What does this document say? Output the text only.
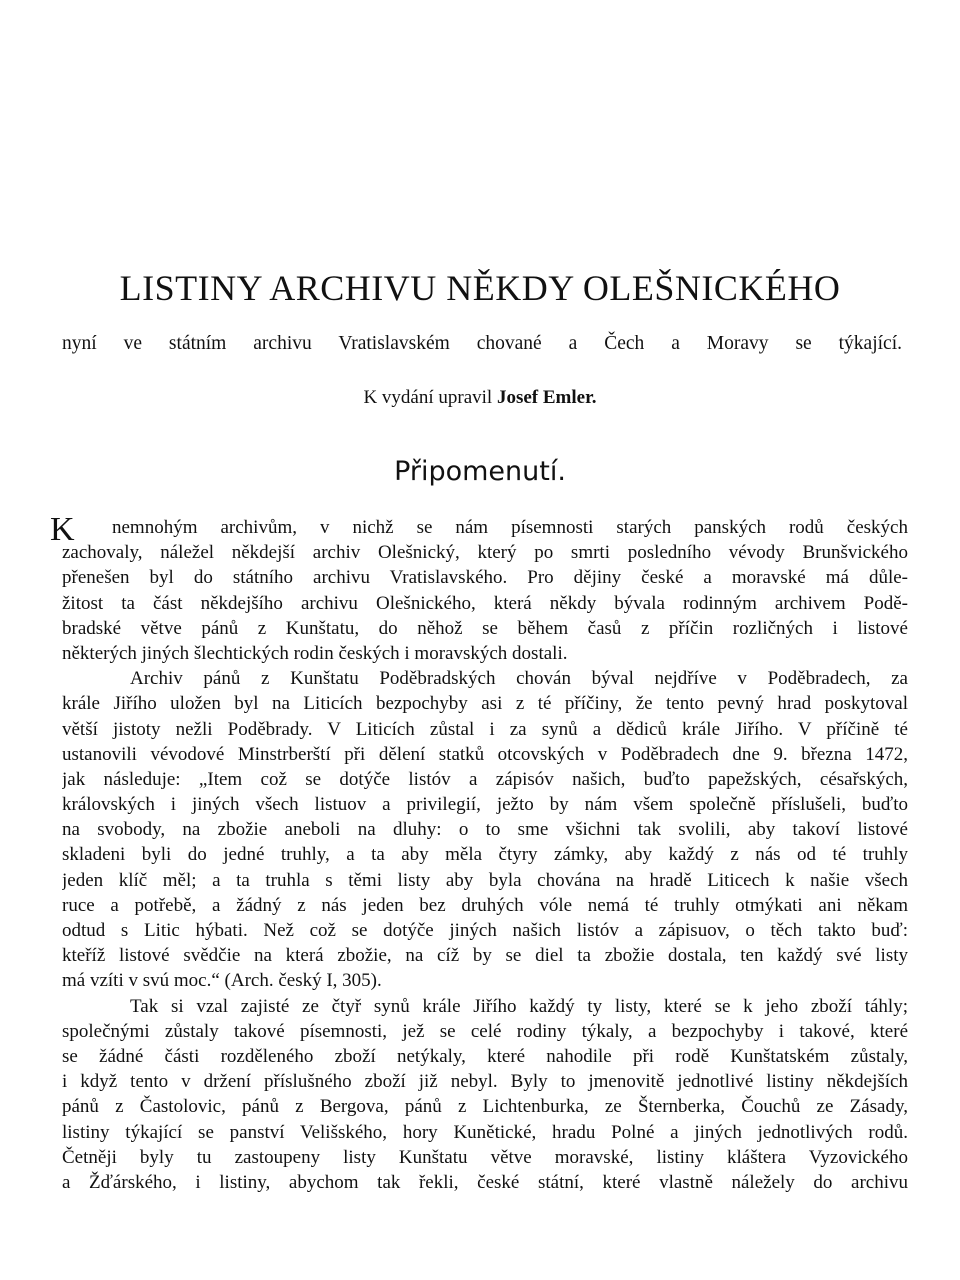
LISTINY ARCHIVU NĚKDY OLEŠNICKÉHO
nyní ve státním archivu Vratislavském chované a Čech a Moravy se týkající.
K vydání upravil Josef Emler.
Připomenutí.
K	nemnohým archivům, v nichž se nám písemnosti starých panských rodů českých
zachovaly, náležel někdejší archiv Olešnický, který po smrti posledního vévody Brunšvického
přenešen byl do státního archivu Vratislavského. Pro dějiny české a moravské má důle-
žitost ta část někdejšího archivu Olešnického, která někdy bývala rodinným archivem Podě-
bradské větve pánů z Kunštatu, do něhož se během časů z příčin rozličných i listové
některých jiných šlechtických rodin českých i moravských dostali.
Archiv pánů z Kunštatu Poděbradských chován býval nejdříve v Poděbradech, za
krále Jiřího uložen byl na Liticích bezpochyby asi z té příčiny, že tento pevný hrad poskytoval
větší jistoty nežli Poděbrady. V Liticích zůstal i za synů a dědiců krále Jiřího. V příčině té
ustanovili vévodové Minstrberští při dělení statků otcovských v Poděbradech dne 9. března 1472,
jak následuje: „Item což se dotýče listóv a zápisóv našich, buďto papežských, césařských,
královských i jiných všech listuov a privilegií, ježto by nám všem společně příslušeli, buďto
na svobody, na zbožie aneboli na dluhy: o to sme všichni tak svolili, aby takoví listové
skladeni byli do jedné truhly, a ta aby měla čtyry zámky, aby každý z nás od té truhly
jeden klíč měl; a ta truhla s těmi listy aby byla chována na hradě Liticech k našie všech
ruce a potřebě, a žádný z nás jeden bez druhých vóle nemá té truhly otmýkati ani někam
odtud s Litic hýbati. Než což se dotýče jiných našich listóv a zápisuov, o těch takto buď:
kteříž listové svědčie na která zbožie, na cíž by se diel ta zbožie dostala, ten každý své listy
má vzíti v svú moc.“ (Arch. český I, 305).
Tak si vzal zajisté ze čtyř synů krále Jiřího každý ty listy, které se k jeho zboží táhly;
společnými zůstaly takové písemnosti, jež se celé rodiny týkaly, a bezpochyby i takové, které
se žádné části rozděleného zboží netýkaly, které nahodile při rodě Kunštatském zůstaly,
i když tento v držení příslušného zboží již nebyl. Byly to jmenovitě jednotlivé listiny někdejších
pánů z Častolovic, pánů z Bergova, pánů z Lichtenburka, ze Šternberka, Čouchů ze Zásady,
listiny týkající se panství Velišského, hory Kunětické, hradu Polné a jiných jednotlivých rodů.
Četněji byly tu zastoupeny listy Kunštatu větve moravské, listiny kláštera Vyzovického
a Žďárského, i listiny, abychom tak řekli, české státní, které vlastně náležely do archivu
